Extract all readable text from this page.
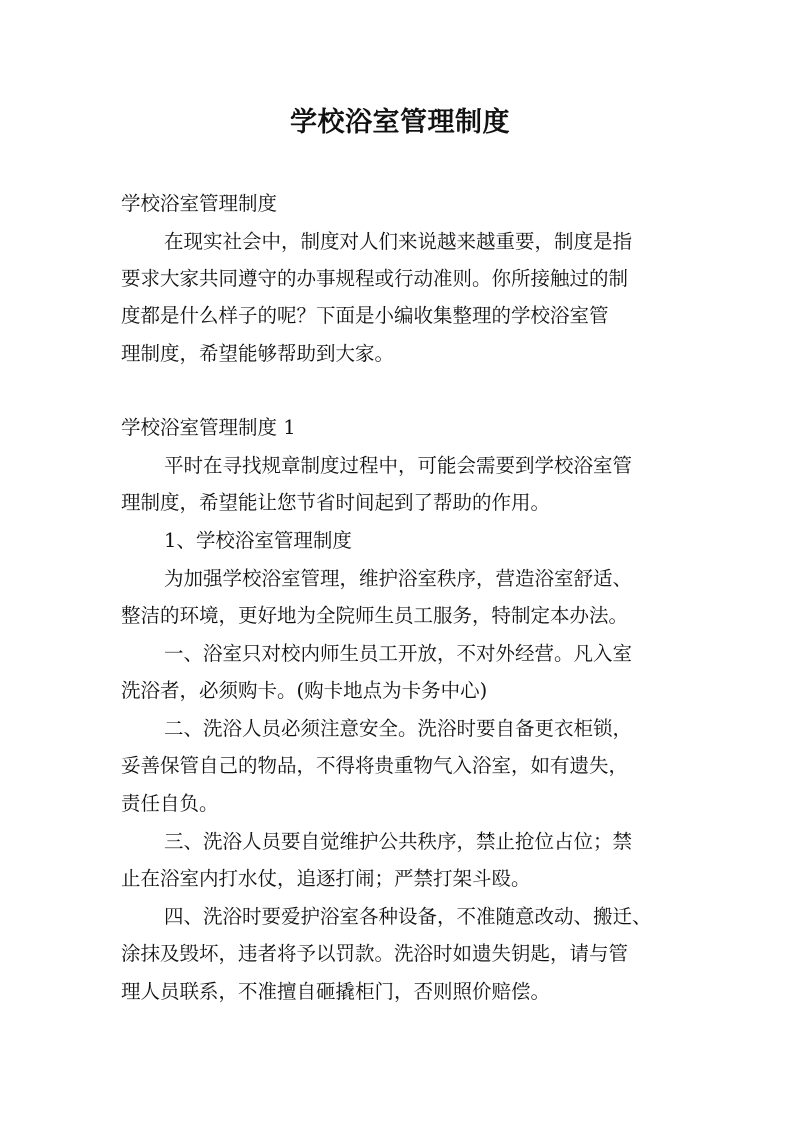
学校浴室管理制度
学校浴室管理制度
在现实社会中，制度对人们来说越来越重要，制度是指
要求大家共同遵守的办事规程或行动准则。你所接触过的制
度都是什么样子的呢？下面是小编收集整理的学校浴室管
理制度，希望能够帮助到大家。
学校浴室管理制度 1
平时在寻找规章制度过程中，可能会需要到学校浴室管
理制度，希望能让您节省时间起到了帮助的作用。
1、学校浴室管理制度
为加强学校浴室管理，维护浴室秩序，营造浴室舒适、
整洁的环境，更好地为全院师生员工服务，特制定本办法。
一、浴室只对校内师生员工开放，不对外经营。凡入室
洗浴者，必须购卡。(购卡地点为卡务中心)
二、洗浴人员必须注意安全。洗浴时要自备更衣柜锁，
妥善保管自己的物品，不得将贵重物气入浴室，如有遗失，
责任自负。
三、洗浴人员要自觉维护公共秩序，禁止抢位占位；禁
止在浴室内打水仗，追逐打闹；严禁打架斗殴。
四、洗浴时要爱护浴室各种设备，不准随意改动、搬迁、
涂抹及毁坏，违者将予以罚款。洗浴时如遗失钥匙，请与管
理人员联系，不准擅自砸撬柜门，否则照价赔偿。
